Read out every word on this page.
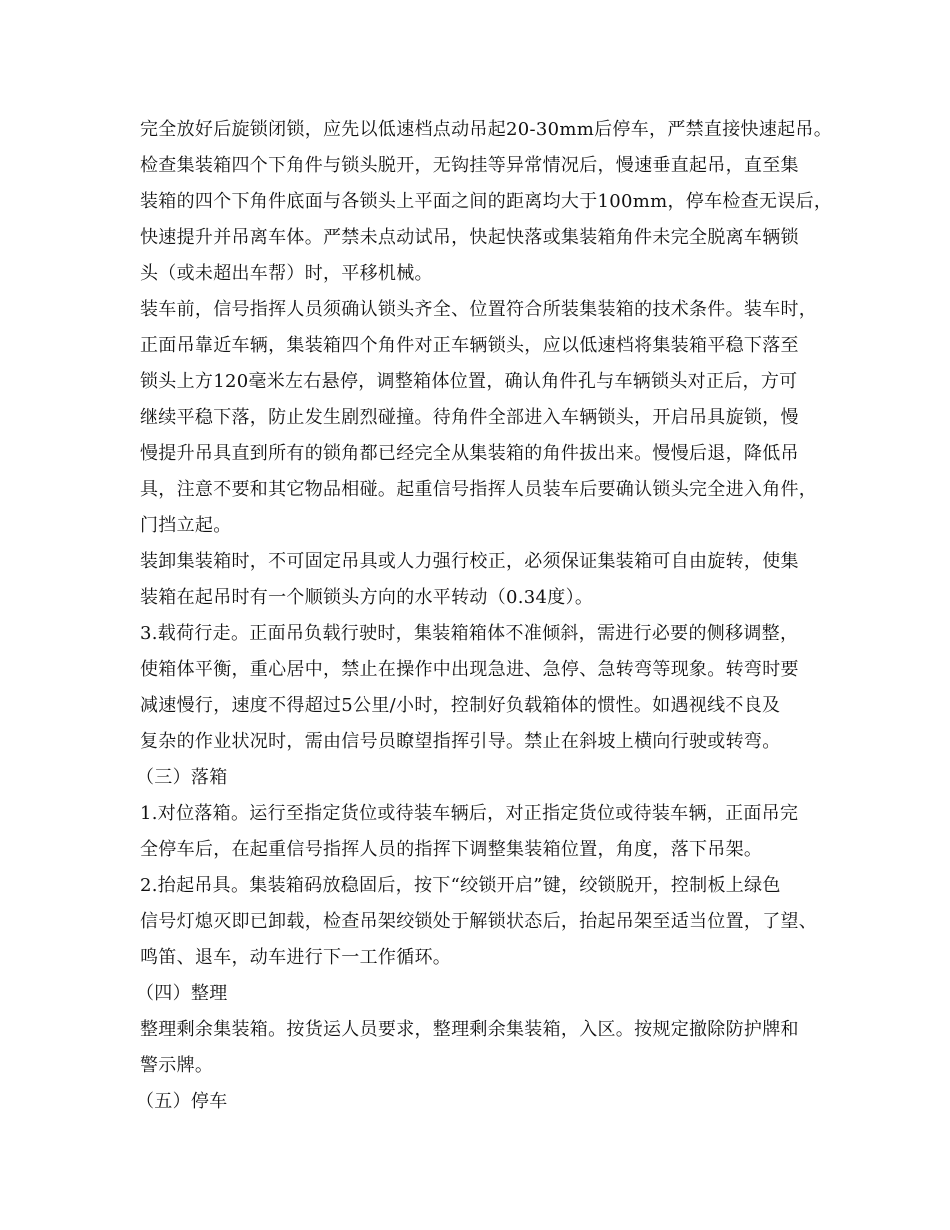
完全放好后旋锁闭锁，应先以低速档点动吊起20-30mm后停车，严禁直接快速起吊。
检查集装箱四个下角件与锁头脱开，无钩挂等异常情况后，慢速垂直起吊，直至集
装箱的四个下角件底面与各锁头上平面之间的距离均大于100mm，停车检查无误后，
快速提升并吊离车体。严禁未点动试吊，快起快落或集装箱角件未完全脱离车辆锁
头（或未超出车帮）时，平移机械。
装车前，信号指挥人员须确认锁头齐全、位置符合所装集装箱的技术条件。装车时，
正面吊靠近车辆，集装箱四个角件对正车辆锁头，应以低速档将集装箱平稳下落至
锁头上方120毫米左右悬停，调整箱体位置，确认角件孔与车辆锁头对正后，方可
继续平稳下落，防止发生剧烈碰撞。待角件全部进入车辆锁头，开启吊具旋锁，慢
慢提升吊具直到所有的锁角都已经完全从集装箱的角件拔出来。慢慢后退，降低吊
具，注意不要和其它物品相碰。起重信号指挥人员装车后要确认锁头完全进入角件，
门挡立起。
装卸集装箱时，不可固定吊具或人力强行校正，必须保证集装箱可自由旋转，使集
装箱在起吊时有一个顺锁头方向的水平转动（0.34度）。
3.载荷行走。正面吊负载行驶时，集装箱箱体不准倾斜，需进行必要的侧移调整，
使箱体平衡，重心居中，禁止在操作中出现急进、急停、急转弯等现象。转弯时要
减速慢行，速度不得超过5公里/小时，控制好负载箱体的惯性。如遇视线不良及
复杂的作业状况时，需由信号员瞭望指挥引导。禁止在斜坡上横向行驶或转弯。
（三）落箱
1.对位落箱。运行至指定货位或待装车辆后，对正指定货位或待装车辆，正面吊完
全停车后，在起重信号指挥人员的指挥下调整集装箱位置，角度，落下吊架。
2.抬起吊具。集装箱码放稳固后，按下“绞锁开启”键，绞锁脱开，控制板上绿色
信号灯熄灭即已卸载，检查吊架绞锁处于解锁状态后，抬起吊架至适当位置，了望、
鸣笛、退车，动车进行下一工作循环。
（四）整理
整理剩余集装箱。按货运人员要求，整理剩余集装箱，入区。按规定撤除防护牌和
警示牌。
（五）停车
